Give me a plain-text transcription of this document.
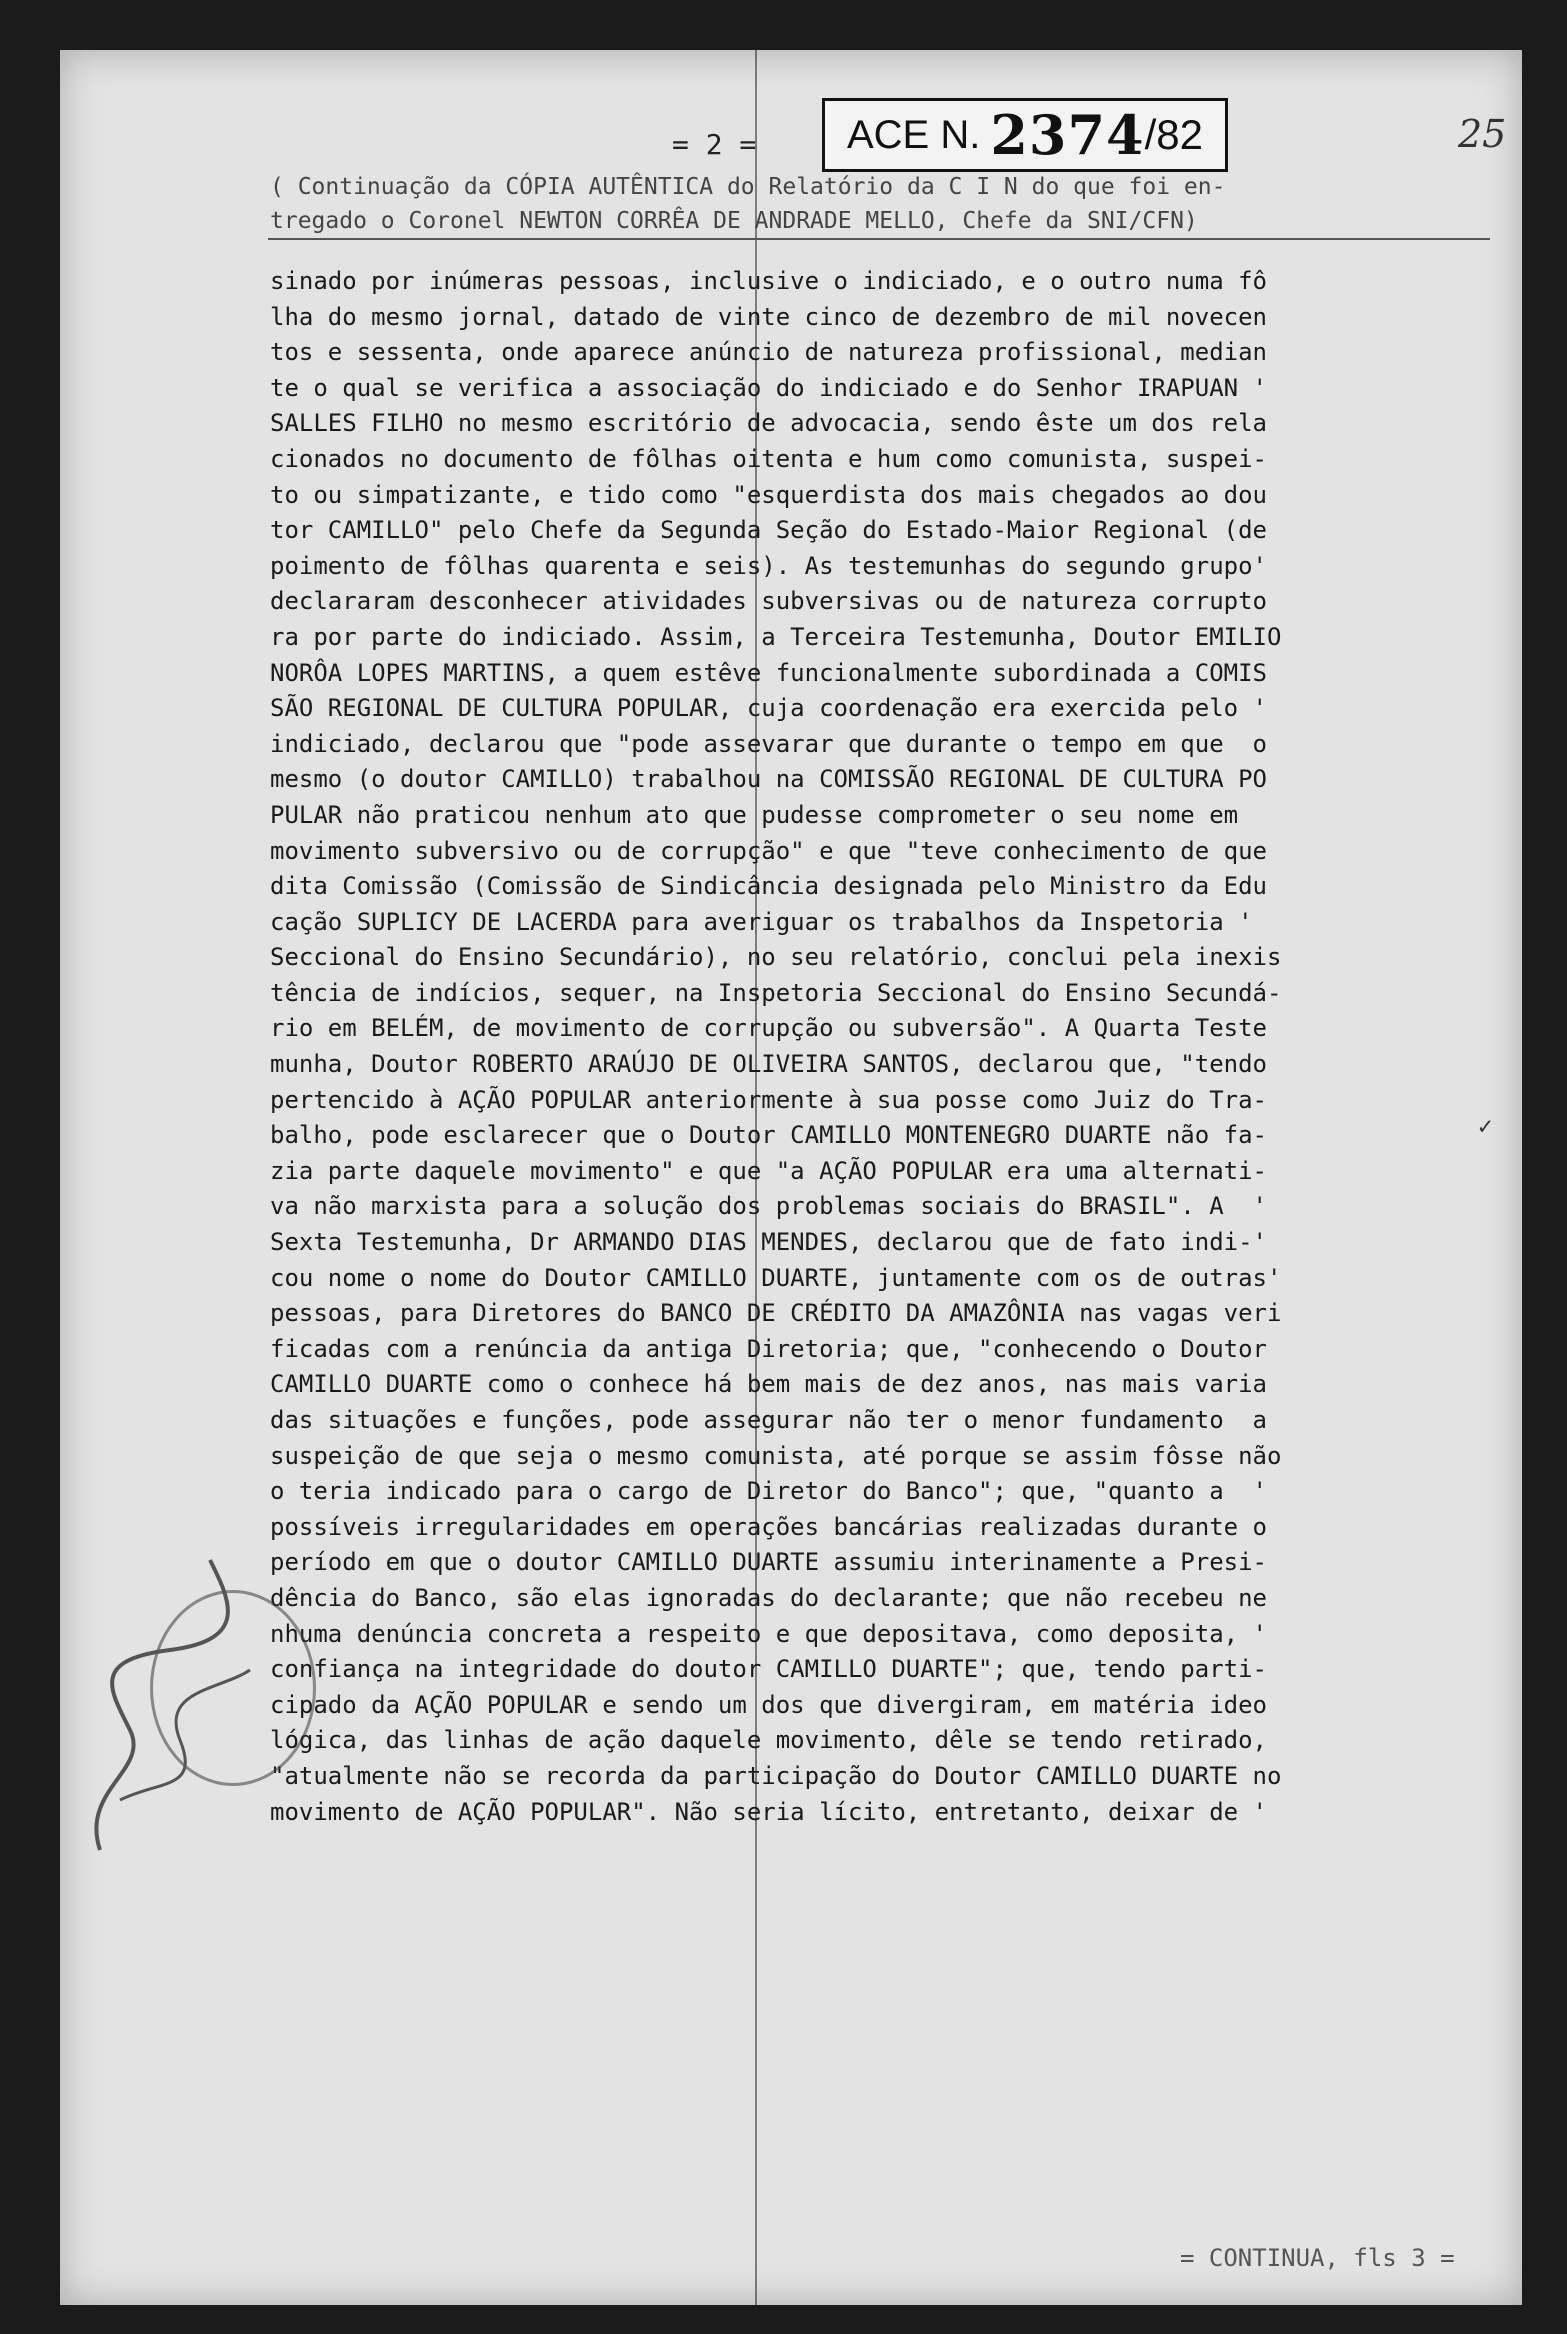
ACE N. 2374 /82	25
= 2 =
( Continuação da CÓPIA AUTÊNTICA do Relatório da C I N do que foi en-
tregado o Coronel NEWTON CORRÊA DE ANDRADE MELLO, Chefe da SNI/CFN)
sinado por inúmeras pessoas, inclusive o indiciado, e o outro numa fô
lha do mesmo jornal, datado de vinte cinco de dezembro de mil novecen
tos e sessenta, onde aparece anúncio de natureza profissional, median
te o qual se verifica a associação do indiciado e do Senhor IRAPUAN '
SALLES FILHO no mesmo escritório de advocacia, sendo êste um dos rela
cionados no documento de fôlhas oitenta e hum como comunista, suspei-
to ou simpatizante, e tido como "esquerdista dos mais chegados ao dou
tor CAMILLO" pelo Chefe da Segunda Seção do Estado-Maior Regional (de
poimento de fôlhas quarenta e seis). As testemunhas do segundo grupo'
declararam desconhecer atividades subversivas ou de natureza corrupto
ra por parte do indiciado. Assim, a Terceira Testemunha, Doutor EMILIO
NORÔA LOPES MARTINS, a quem estêve funcionalmente subordinada a COMIS
SÃO REGIONAL DE CULTURA POPULAR, cuja coordenação era exercida pelo '
indiciado, declarou que "pode assevarar que durante o tempo em que  o
mesmo (o doutor CAMILLO) trabalhou na COMISSÃO REGIONAL DE CULTURA PO
PULAR não praticou nenhum ato que pudesse comprometer o seu nome em
movimento subversivo ou de corrupção" e que "teve conhecimento de que
dita Comissão (Comissão de Sindicância designada pelo Ministro da Edu
cação SUPLICY DE LACERDA para averiguar os trabalhos da Inspetoria '
Seccional do Ensino Secundário), no seu relatório, conclui pela inexis
tência de indícios, sequer, na Inspetoria Seccional do Ensino Secundá-
rio em BELÉM, de movimento de corrupção ou subversão". A Quarta Teste
munha, Doutor ROBERTO ARAÚJO DE OLIVEIRA SANTOS, declarou que, "tendo
pertencido à AÇÃO POPULAR anteriormente à sua posse como Juiz do Tra-
balho, pode esclarecer que o Doutor CAMILLO MONTENEGRO DUARTE não fa-
zia parte daquele movimento" e que "a AÇÃO POPULAR era uma alternati-
va não marxista para a solução dos problemas sociais do BRASIL". A  '
Sexta Testemunha, Dr ARMANDO DIAS MENDES, declarou que de fato indi-'
cou nome o nome do Doutor CAMILLO DUARTE, juntamente com os de outras'
pessoas, para Diretores do BANCO DE CRÉDITO DA AMAZÔNIA nas vagas veri
ficadas com a renúncia da antiga Diretoria; que, "conhecendo o Doutor
CAMILLO DUARTE como o conhece há bem mais de dez anos, nas mais varia
das situações e funções, pode assegurar não ter o menor fundamento  a
suspeição de que seja o mesmo comunista, até porque se assim fôsse não
o teria indicado para o cargo de Diretor do Banco"; que, "quanto a  '
possíveis irregularidades em operações bancárias realizadas durante o
período em que o doutor CAMILLO DUARTE assumiu interinamente a Presi-
dência do Banco, são elas ignoradas do declarante; que não recebeu ne
nhuma denúncia concreta a respeito e que depositava, como deposita, '
confiança na integridade do doutor CAMILLO DUARTE"; que, tendo parti-
cipado da AÇÃO POPULAR e sendo um dos que divergiram, em matéria ideo
lógica, das linhas de ação daquele movimento, dêle se tendo retirado,
"atualmente não se recorda da participação do Doutor CAMILLO DUARTE no
movimento de AÇÃO POPULAR". Não seria lícito, entretanto, deixar de '
✓
= CONTINUA, fls 3 =
